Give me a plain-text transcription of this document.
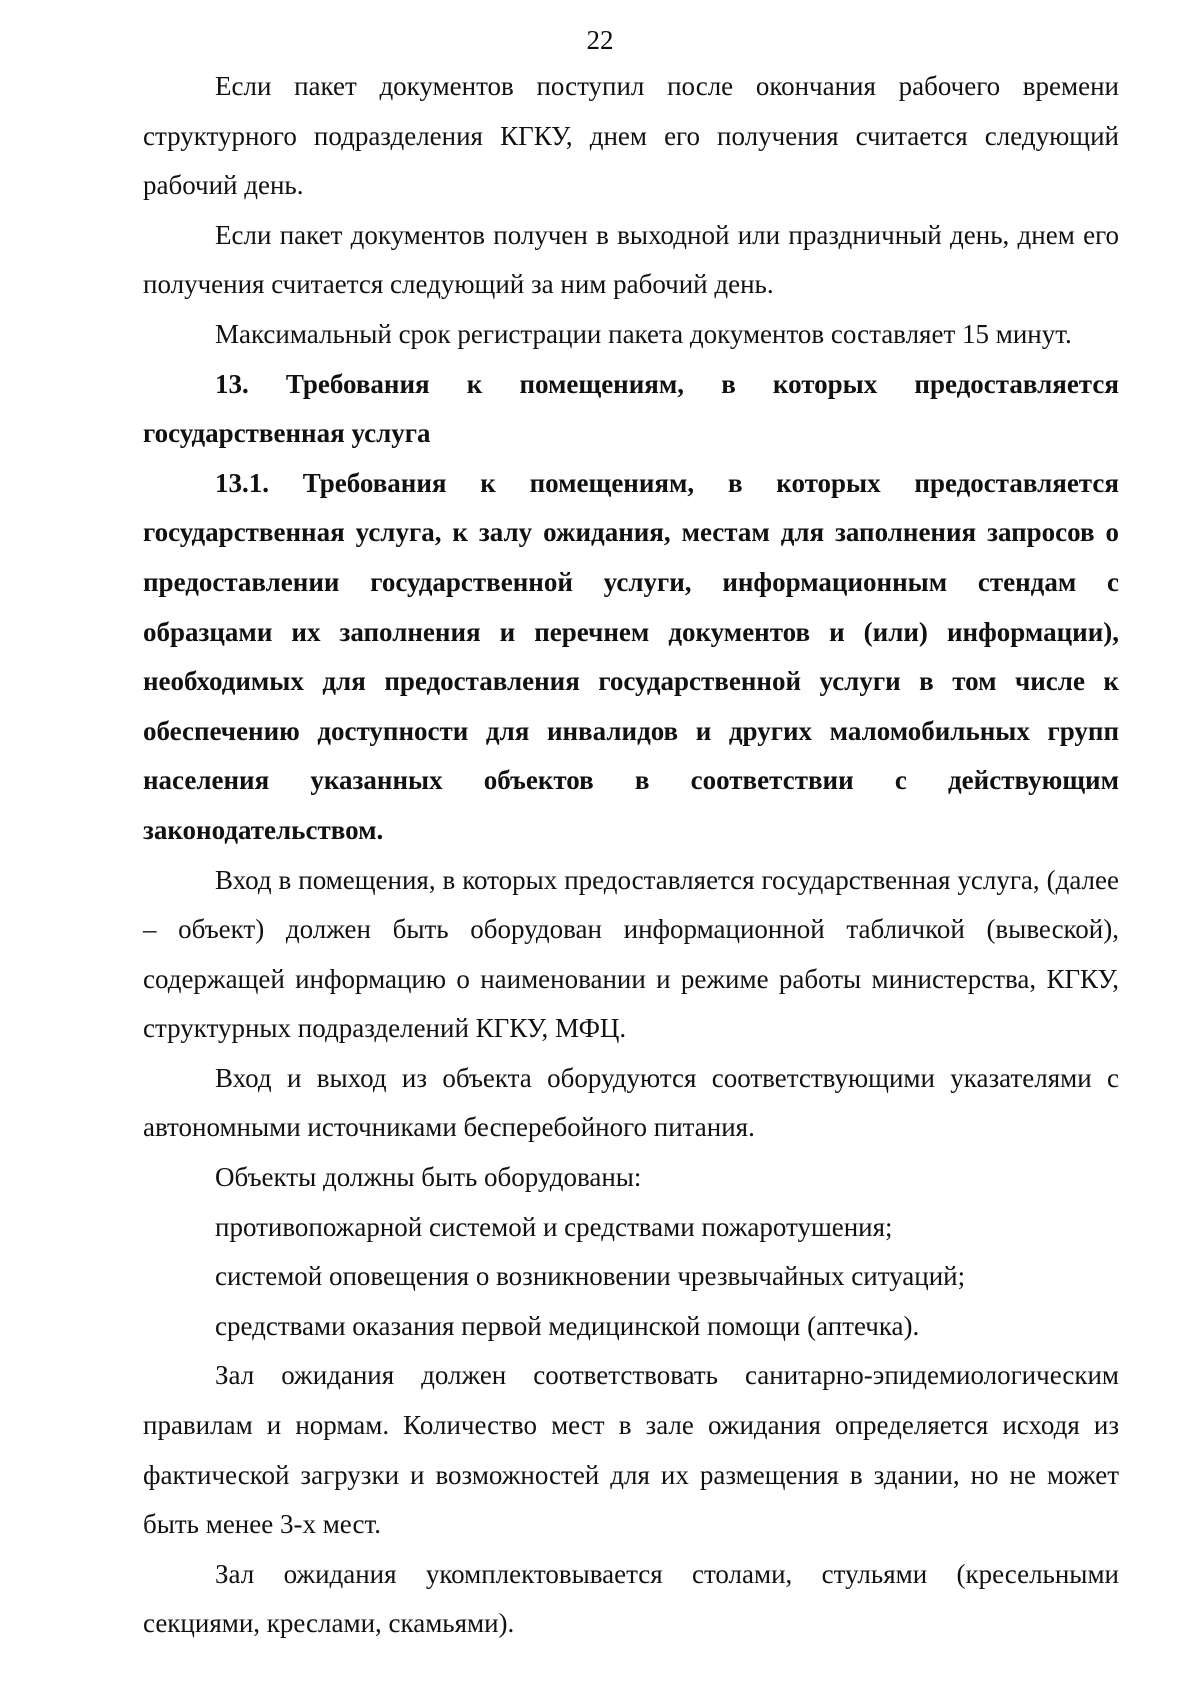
22

Если пакет документов поступил после окончания рабочего времени структурного подразделения КГКУ, днем его получения считается следующий рабочий день.

Если пакет документов получен в выходной или праздничный день, днем его получения считается следующий за ним рабочий день.

Максимальный срок регистрации пакета документов составляет 15 минут.

13. Требования к помещениям, в которых предоставляется государственная услуга

13.1. Требования к помещениям, в которых предоставляется государственная услуга, к залу ожидания, местам для заполнения запросов о предоставлении государственной услуги, информационным стендам с образцами их заполнения и перечнем документов и (или) информации), необходимых для предоставления государственной услуги в том числе к обеспечению доступности для инвалидов и других маломобильных групп населения указанных объектов в соответствии с действующим законодательством.

Вход в помещения, в которых предоставляется государственная услуга, (далее – объект) должен быть оборудован информационной табличкой (вывеской), содержащей информацию о наименовании и режиме работы министерства, КГКУ, структурных подразделений КГКУ, МФЦ.

Вход и выход из объекта оборудуются соответствующими указателями с автономными источниками бесперебойного питания.

Объекты должны быть оборудованы:

противопожарной системой и средствами пожаротушения;

системой оповещения о возникновении чрезвычайных ситуаций;

средствами оказания первой медицинской помощи (аптечка).

Зал ожидания должен соответствовать санитарно-эпидемиологическим правилам и нормам. Количество мест в зале ожидания определяется исходя из фактической загрузки и возможностей для их размещения в здании, но не может быть менее 3-х мест.

Зал ожидания укомплектовывается столами, стульями (кресельными секциями, креслами, скамьями).
